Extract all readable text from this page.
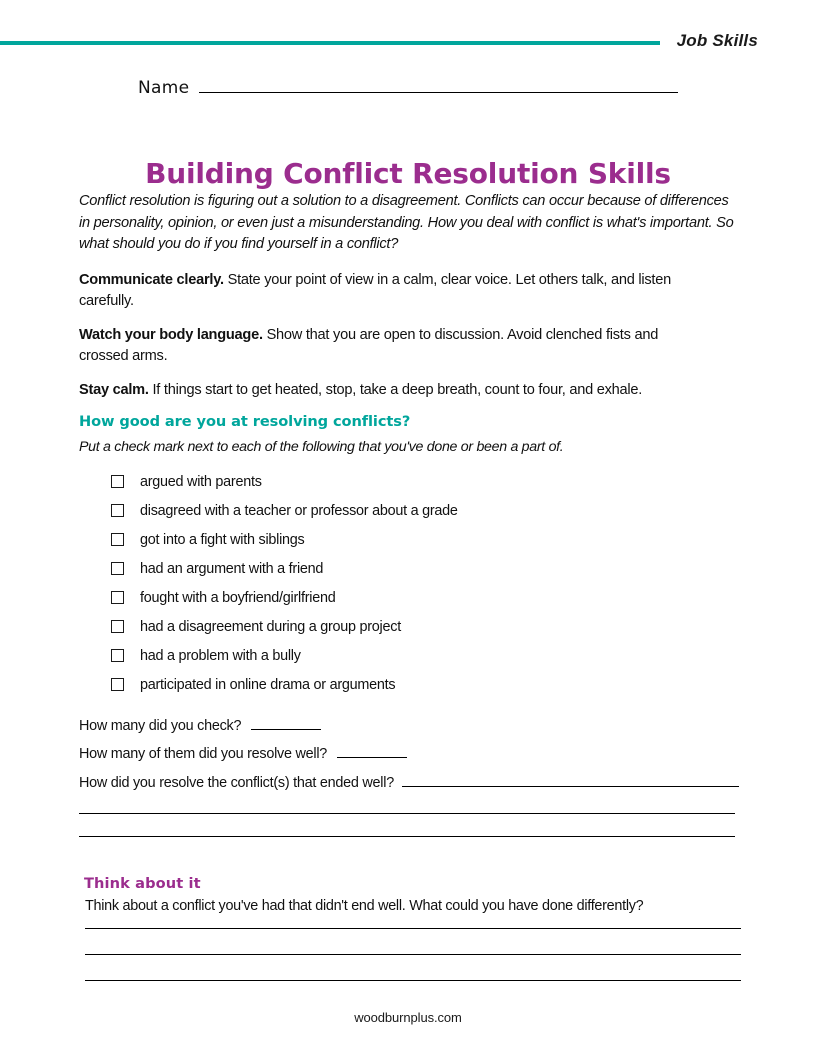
Job Skills
Name
Building Conflict Resolution Skills

Conflict resolution is figuring out a solution to a disagreement. Conflicts can occur because of differences in personality, opinion, or even just a misunderstanding. How you deal with conflict is what's important. So what should you do if you find yourself in a conflict?

Communicate clearly. State your point of view in a calm, clear voice. Let others talk, and listen carefully.

Watch your body language. Show that you are open to discussion. Avoid clenched fists and crossed arms.

Stay calm. If things start to get heated, stop, take a deep breath, count to four, and exhale.

How good are you at resolving conflicts?

Put a check mark next to each of the following that you've done or been a part of.

argued with parents
disagreed with a teacher or professor about a grade
got into a fight with siblings
had an argument with a friend
fought with a boyfriend/girlfriend
had a disagreement during a group project
had a problem with a bully
participated in online drama or arguments
How many did you check?
How many of them did you resolve well?
How did you resolve the conflict(s) that ended well?
Think about it

Think about a conflict you've had that didn't end well. What could you have done differently?

woodburnplus.com
